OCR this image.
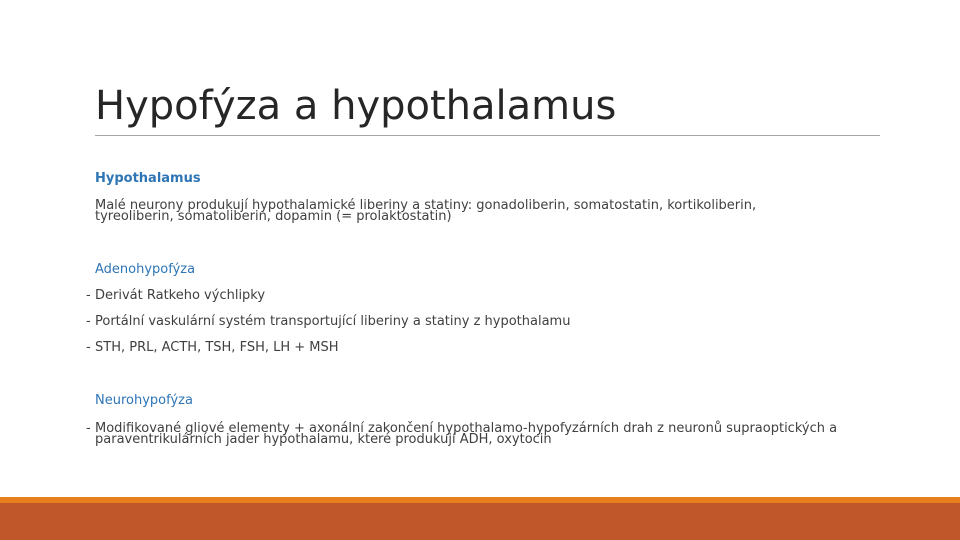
Hypofýza a hypothalamus
Hypothalamus
Malé neurony produkují hypothalamické liberiny a statiny: gonadoliberin, somatostatin, kortikoliberin,
tyreoliberin, somatoliberin, dopamin (= prolaktostatin)
Adenohypofýza
- Derivát Ratkeho výchlipky
- Portální vaskulární systém transportující liberiny a statiny z hypothalamu
- STH, PRL, ACTH, TSH, FSH, LH + MSH
Neurohypofýza
- Modifikované gliové elementy + axonální zakončení hypothalamo-hypofyzárních drah z neuronů supraoptických a
paraventrikulárních jader hypothalamu, které produkují ADH, oxytocin
